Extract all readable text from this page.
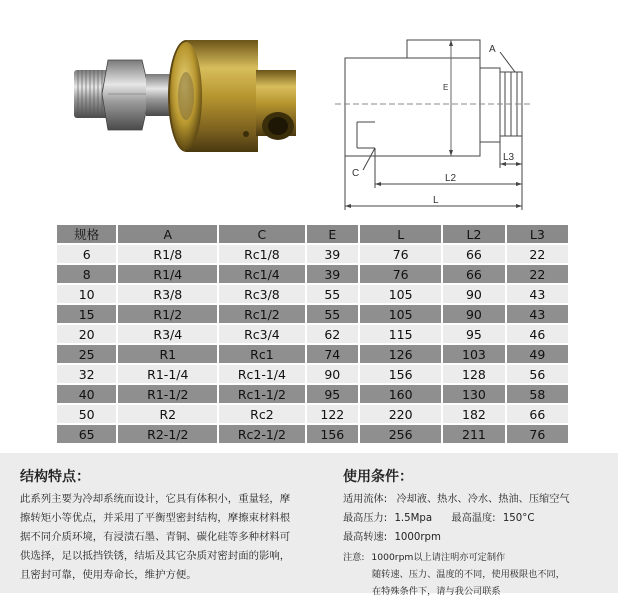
A
E
C
L3
L2
L
规格	A	C	E	L	L2	L3
6	R1/8	Rc1/8	39	76	66	22
8	R1/4	Rc1/4	39	76	66	22
10	R3/8	Rc3/8	55	105	90	43
15	R1/2	Rc1/2	55	105	90	43
20	R3/4	Rc3/4	62	115	95	46
25	R1	Rc1	74	126	103	49
32	R1-1/4	Rc1-1/4	90	156	128	56
40	R1-1/2	Rc1-1/2	95	160	130	58
50	R2	Rc2	122	220	182	66
65	R2-1/2	Rc2-1/2	156	256	211	76
结构特点：
此系列主要为冷却系统而设计，它具有体积小，重量轻，摩
擦转矩小等优点，并采用了平衡型密封结构，摩擦束材料根
据不同介质环境，有浸渍石墨、青铜、碳化硅等多种材料可
供选择，足以抵挡铁锈，结垢及其它杂质对密封面的影响，
且密封可靠，使用寿命长，维护方便。
使用条件：
适用流体: 冷却液、热水、冷水、热油、压缩空气
最高压力: 1.5Mpa 最高温度: 150°C
最高转速: 1000rpm
注意: 1000rpm以上请注明亦可定制作
随转速、压力、温度的不同，使用极限也不同，
在特殊条件下，请与我公司联系
